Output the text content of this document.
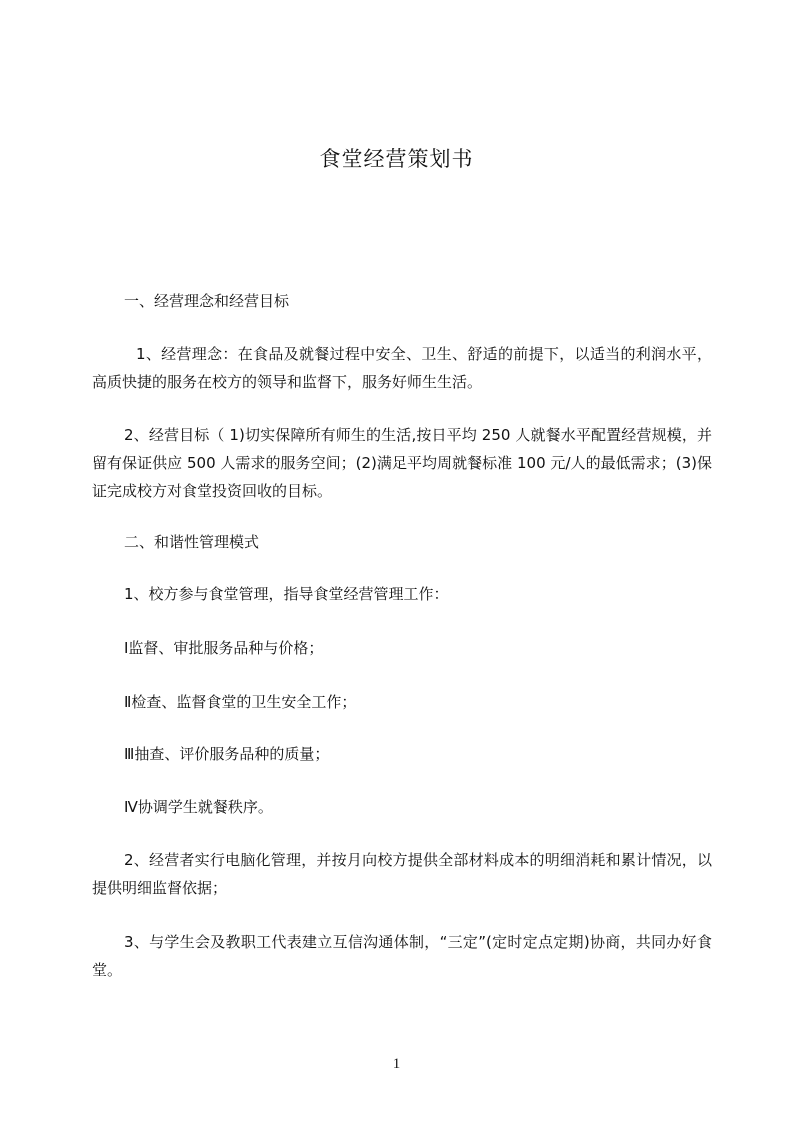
食堂经营策划书
一、经营理念和经营目标
1、经营理念：在食品及就餐过程中安全、卫生、舒适的前提下，以适当的利润水平，高质快捷的服务在校方的领导和监督下，服务好师生生活。
2、经营目标（ 1)切实保障所有师生的生活,按日平均 250 人就餐水平配置经营规模，并留有保证供应 500 人需求的服务空间；(2)满足平均周就餐标准 100 元/人的最低需求；(3)保证完成校方对食堂投资回收的目标。
二、和谐性管理模式
1、校方参与食堂管理，指导食堂经营管理工作：
Ⅰ监督、审批服务品种与价格；
Ⅱ检查、监督食堂的卫生安全工作；
Ⅲ抽查、评价服务品种的质量；
Ⅳ协调学生就餐秩序。
2、经营者实行电脑化管理，并按月向校方提供全部材料成本的明细消耗和累计情况，以提供明细监督依据；
3、与学生会及教职工代表建立互信沟通体制，“三定”(定时定点定期)协商，共同办好食堂。
1
